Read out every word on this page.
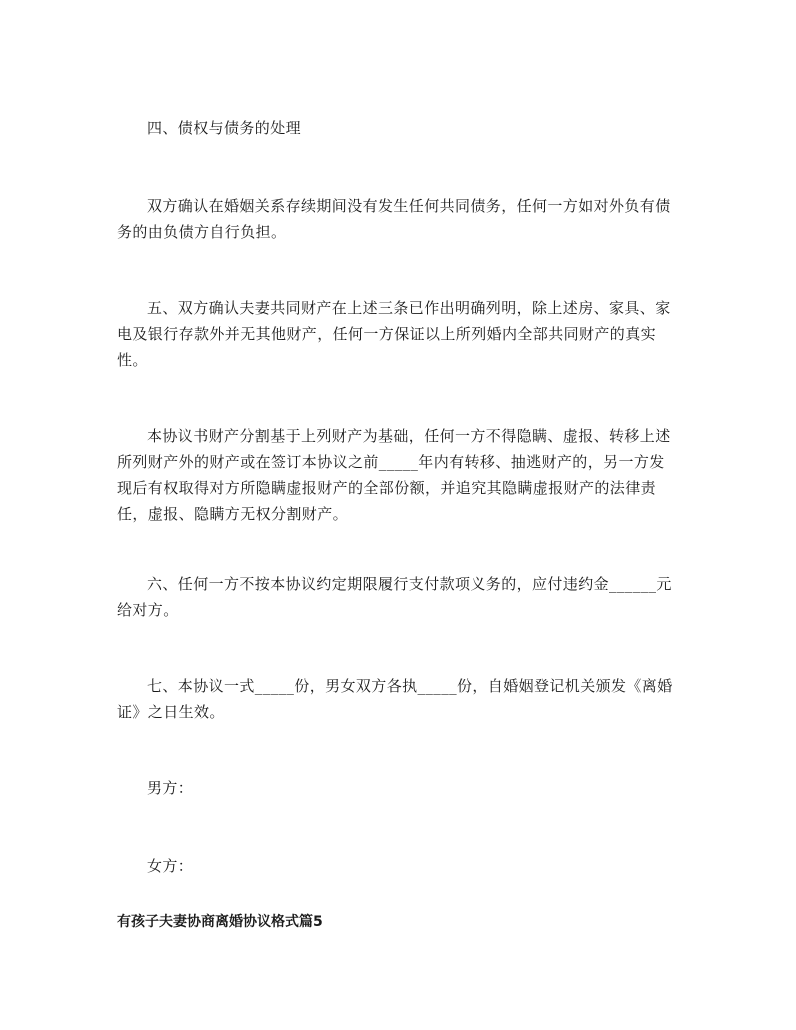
四、债权与债务的处理

双方确认在婚姻关系存续期间没有发生任何共同债务，任何一方如对外负有债务的由负债方自行负担。

五、双方确认夫妻共同财产在上述三条已作出明确列明，除上述房、家具、家电及银行存款外并无其他财产，任何一方保证以上所列婚内全部共同财产的真实性。

本协议书财产分割基于上列财产为基础，任何一方不得隐瞒、虚报、转移上述所列财产外的财产或在签订本协议之前_____年内有转移、抽逃财产的，另一方发现后有权取得对方所隐瞒虚报财产的全部份额，并追究其隐瞒虚报财产的法律责任，虚报、隐瞒方无权分割财产。

六、任何一方不按本协议约定期限履行支付款项义务的，应付违约金______元给对方。

七、本协议一式_____份，男女双方各执_____份，自婚姻登记机关颁发《离婚证》之日生效。

男方：

女方：

有孩子夫妻协商离婚协议格式篇5
